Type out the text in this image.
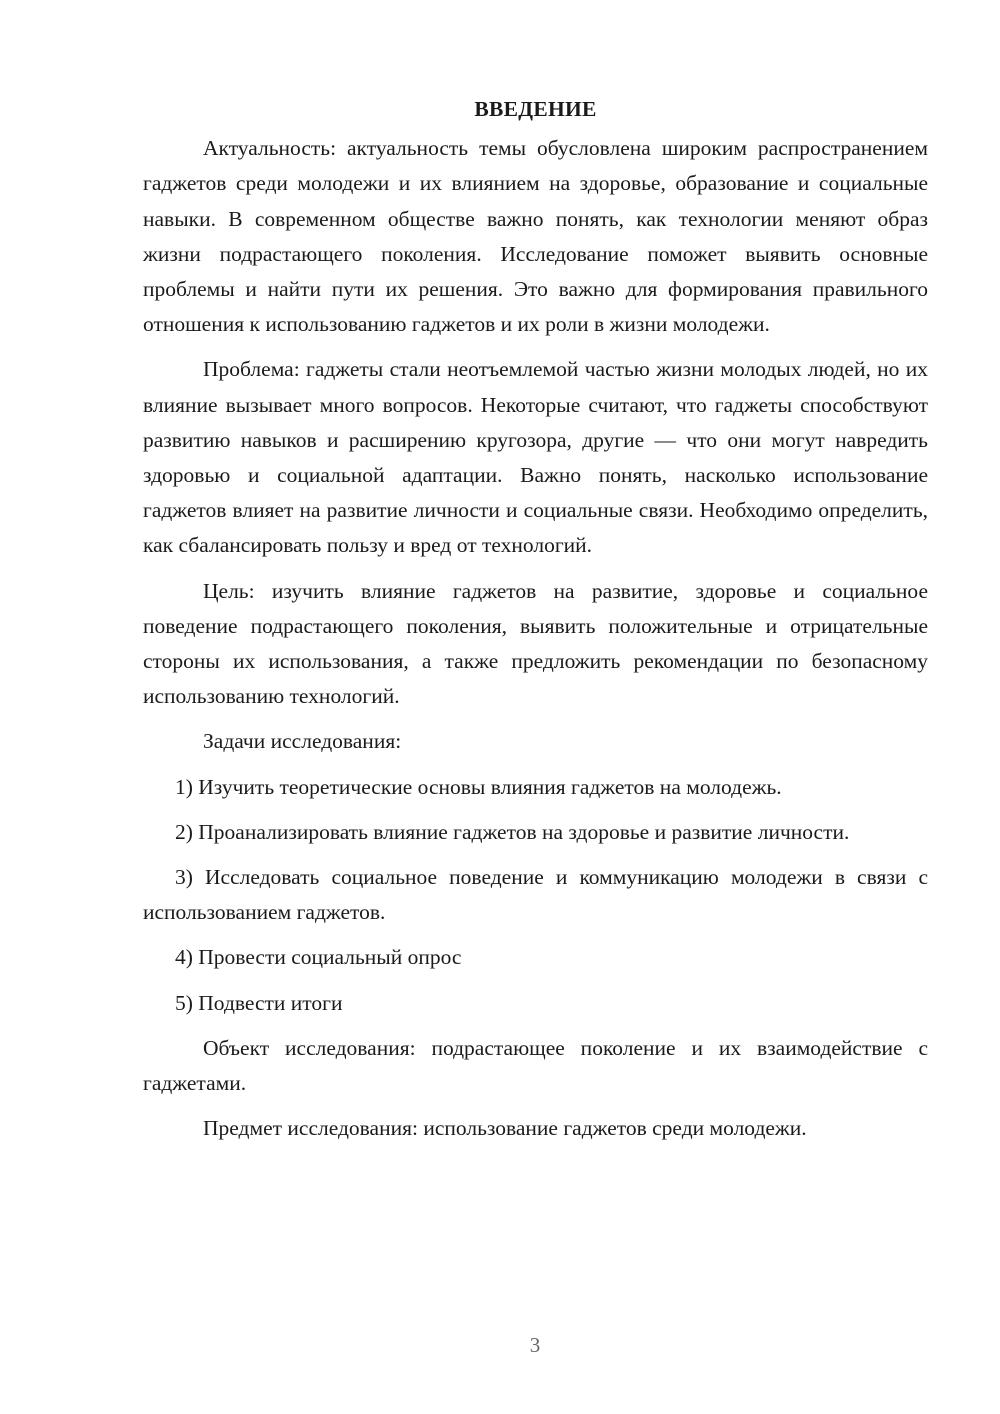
ВВЕДЕНИЕ

Актуальность: актуальность темы обусловлена широким распространением гаджетов среди молодежи и их влиянием на здоровье, образование и социальные навыки. В современном обществе важно понять, как технологии меняют образ жизни подрастающего поколения. Исследование поможет выявить основные проблемы и найти пути их решения. Это важно для формирования правильного отношения к использованию гаджетов и их роли в жизни молодежи.

Проблема: гаджеты стали неотъемлемой частью жизни молодых людей, но их влияние вызывает много вопросов. Некоторые считают, что гаджеты способствуют развитию навыков и расширению кругозора, другие — что они могут навредить здоровью и социальной адаптации. Важно понять, насколько использование гаджетов влияет на развитие личности и социальные связи. Необходимо определить, как сбалансировать пользу и вред от технологий.

Цель: изучить влияние гаджетов на развитие, здоровье и социальное поведение подрастающего поколения, выявить положительные и отрицательные стороны их использования, а также предложить рекомендации по безопасному использованию технологий.

Задачи исследования:

1) Изучить теоретические основы влияния гаджетов на молодежь.

2) Проанализировать влияние гаджетов на здоровье и развитие личности.

3) Исследовать социальное поведение и коммуникацию молодежи в связи с использованием гаджетов.

4) Провести социальный опрос

5) Подвести итоги

Объект исследования: подрастающее поколение и их взаимодействие с гаджетами.

Предмет исследования: использование гаджетов среди молодежи.

3
